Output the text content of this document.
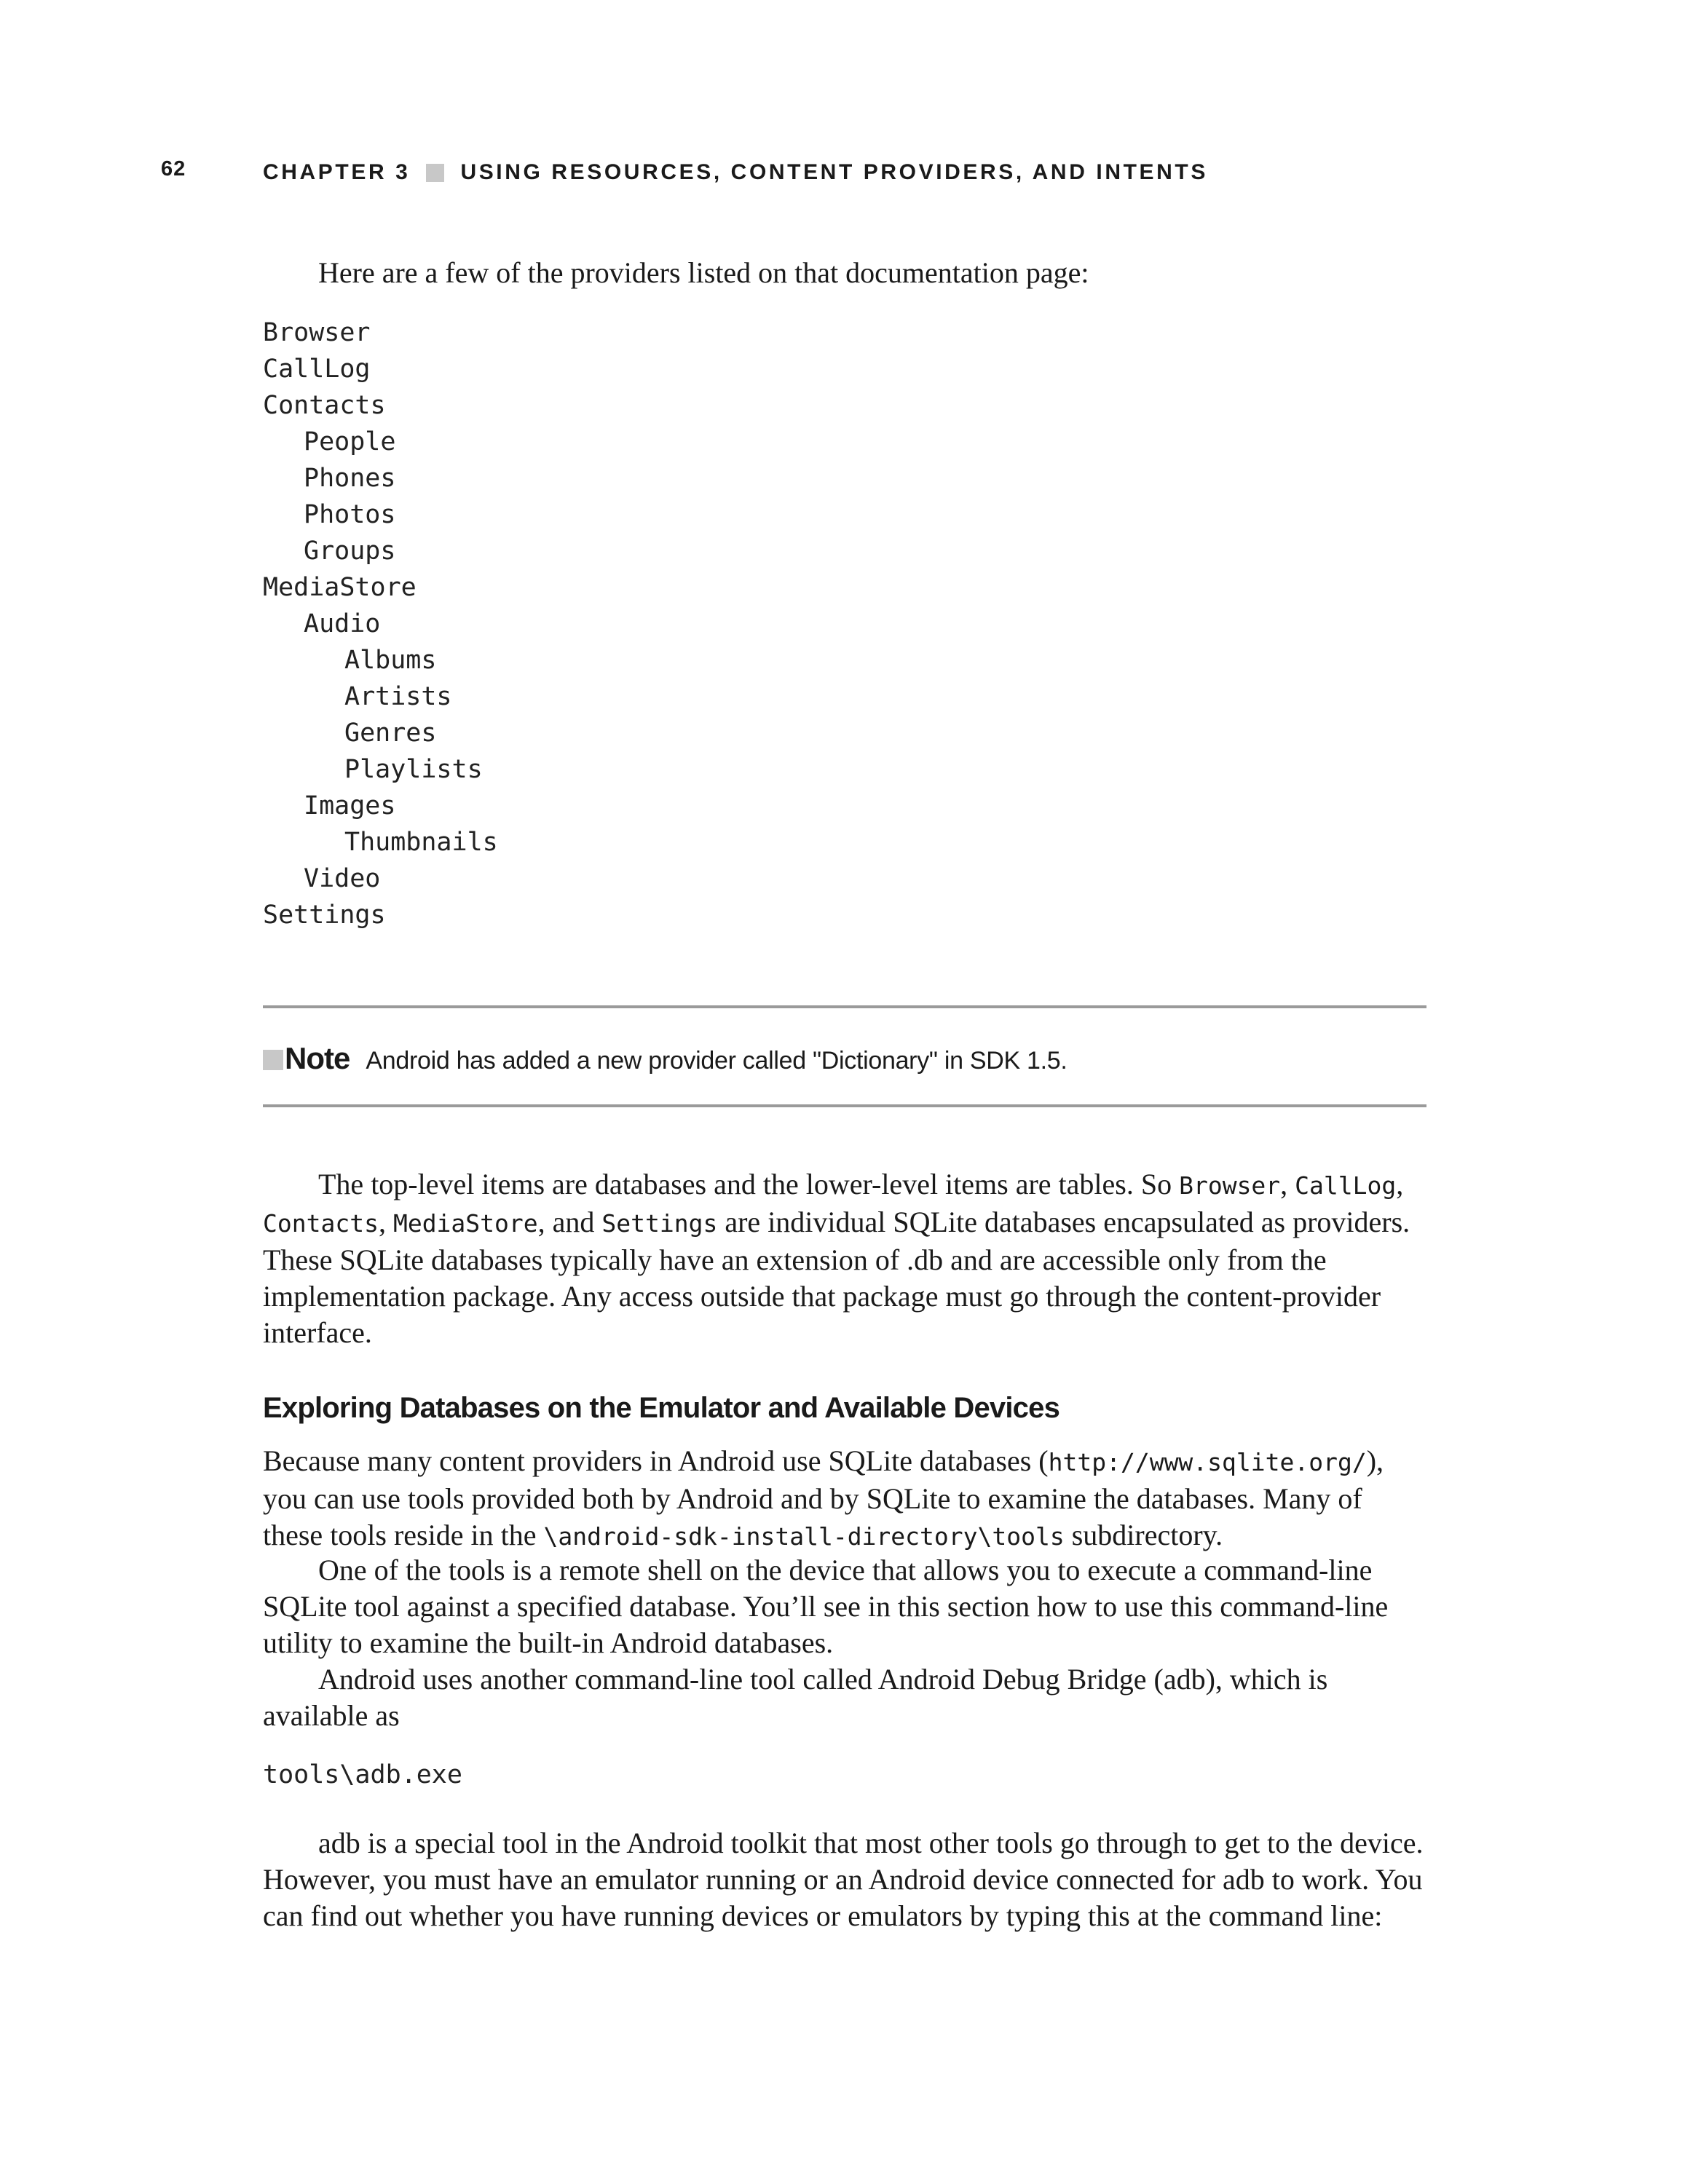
62	CHAPTER 3 USING RESOURCES, CONTENT PROVIDERS, AND INTENTS

Here are a few of the providers listed on that documentation page:

Browser
CallLog
Contacts
People
Phones
Photos
Groups
MediaStore
Audio
Albums
Artists
Genres
Playlists
Images
Thumbnails
Video
Settings
Note Android has added a new provider called "Dictionary" in SDK 1.5.

The top-level items are databases and the lower-level items are tables. So Browser, CallLog, Contacts, MediaStore, and Settings are individual SQLite databases encapsulated as providers. These SQLite databases typically have an extension of .db and are accessible only from the implementation package. Any access outside that package must go through the content-provider interface.

Exploring Databases on the Emulator and Available Devices

Because many content providers in Android use SQLite databases (http://www.sqlite.org/), you can use tools provided both by Android and by SQLite to examine the databases. Many of these tools reside in the \android-sdk-install-directory\tools subdirectory.

One of the tools is a remote shell on the device that allows you to execute a command-line SQLite tool against a specified database. You’ll see in this section how to use this command-line utility to examine the built-in Android databases.

Android uses another command-line tool called Android Debug Bridge (adb), which is available as

tools\adb.exe

adb is a special tool in the Android toolkit that most other tools go through to get to the device. However, you must have an emulator running or an Android device connected for adb to work. You can find out whether you have running devices or emulators by typing this at the command line:
